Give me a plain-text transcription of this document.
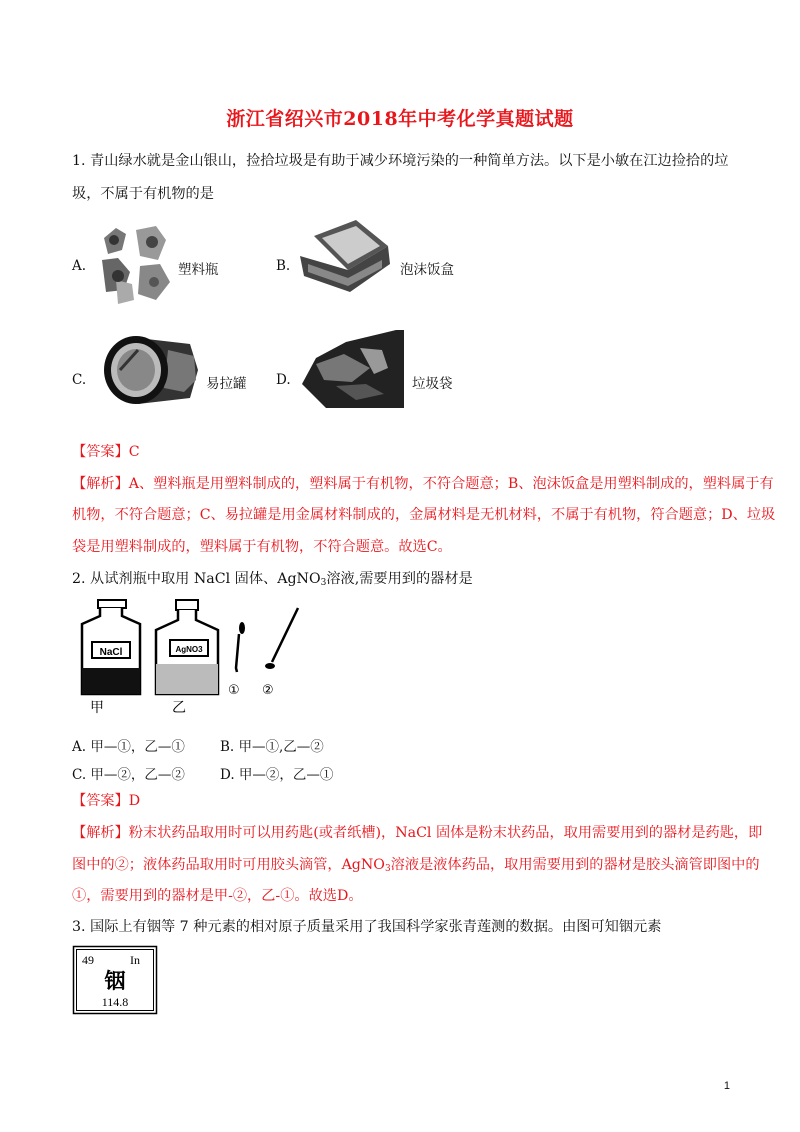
浙江省绍兴市2018年中考化学真题试题
1. 青山绿水就是金山银山，捡拾垃圾是有助于减少环境污染的一种简单方法。以下是小敏在江边捡拾的垃
圾，不属于有机物的是
A.	塑料瓶	B.	泡沫饭盒
C.	易拉罐 D.	垃圾袋
【答案】C
【解析】A、塑料瓶是用塑料制成的，塑料属于有机物，不符合题意；B、泡沫饭盒是用塑料制成的，塑料属于有
机物，不符合题意；C、易拉罐是用金属材料制成的，金属材料是无机材料，不属于有机物，符合题意；D、垃圾
袋是用塑料制成的，塑料属于有机物，不符合题意。故选C。
2. 从试剂瓶中取用 NaCl 固体、AgNO$_3$溶液,需要用到的器材是
NaCl
甲
AgNO3
乙
① ②
A. 甲—①，乙—①	B. 甲—①,乙—②
C. 甲—②，乙—②	D. 甲—②，乙—①
【答案】D
【解析】粉末状药品取用时可以用药匙(或者纸槽)，NaCl 固体是粉末状药品，取用需要用到的器材是药匙，即
图中的②；液体药品取用时可用胶头滴管，AgNO$_3$溶液是液体药品，取用需要用到的器材是胶头滴管即图中的
①，需要用到的器材是甲-②，乙-①。故选D。
3. 国际上有铟等 7 种元素的相对原子质量采用了我国科学家张青莲测的数据。由图可知铟元素
49	In
铟
114.8
1
